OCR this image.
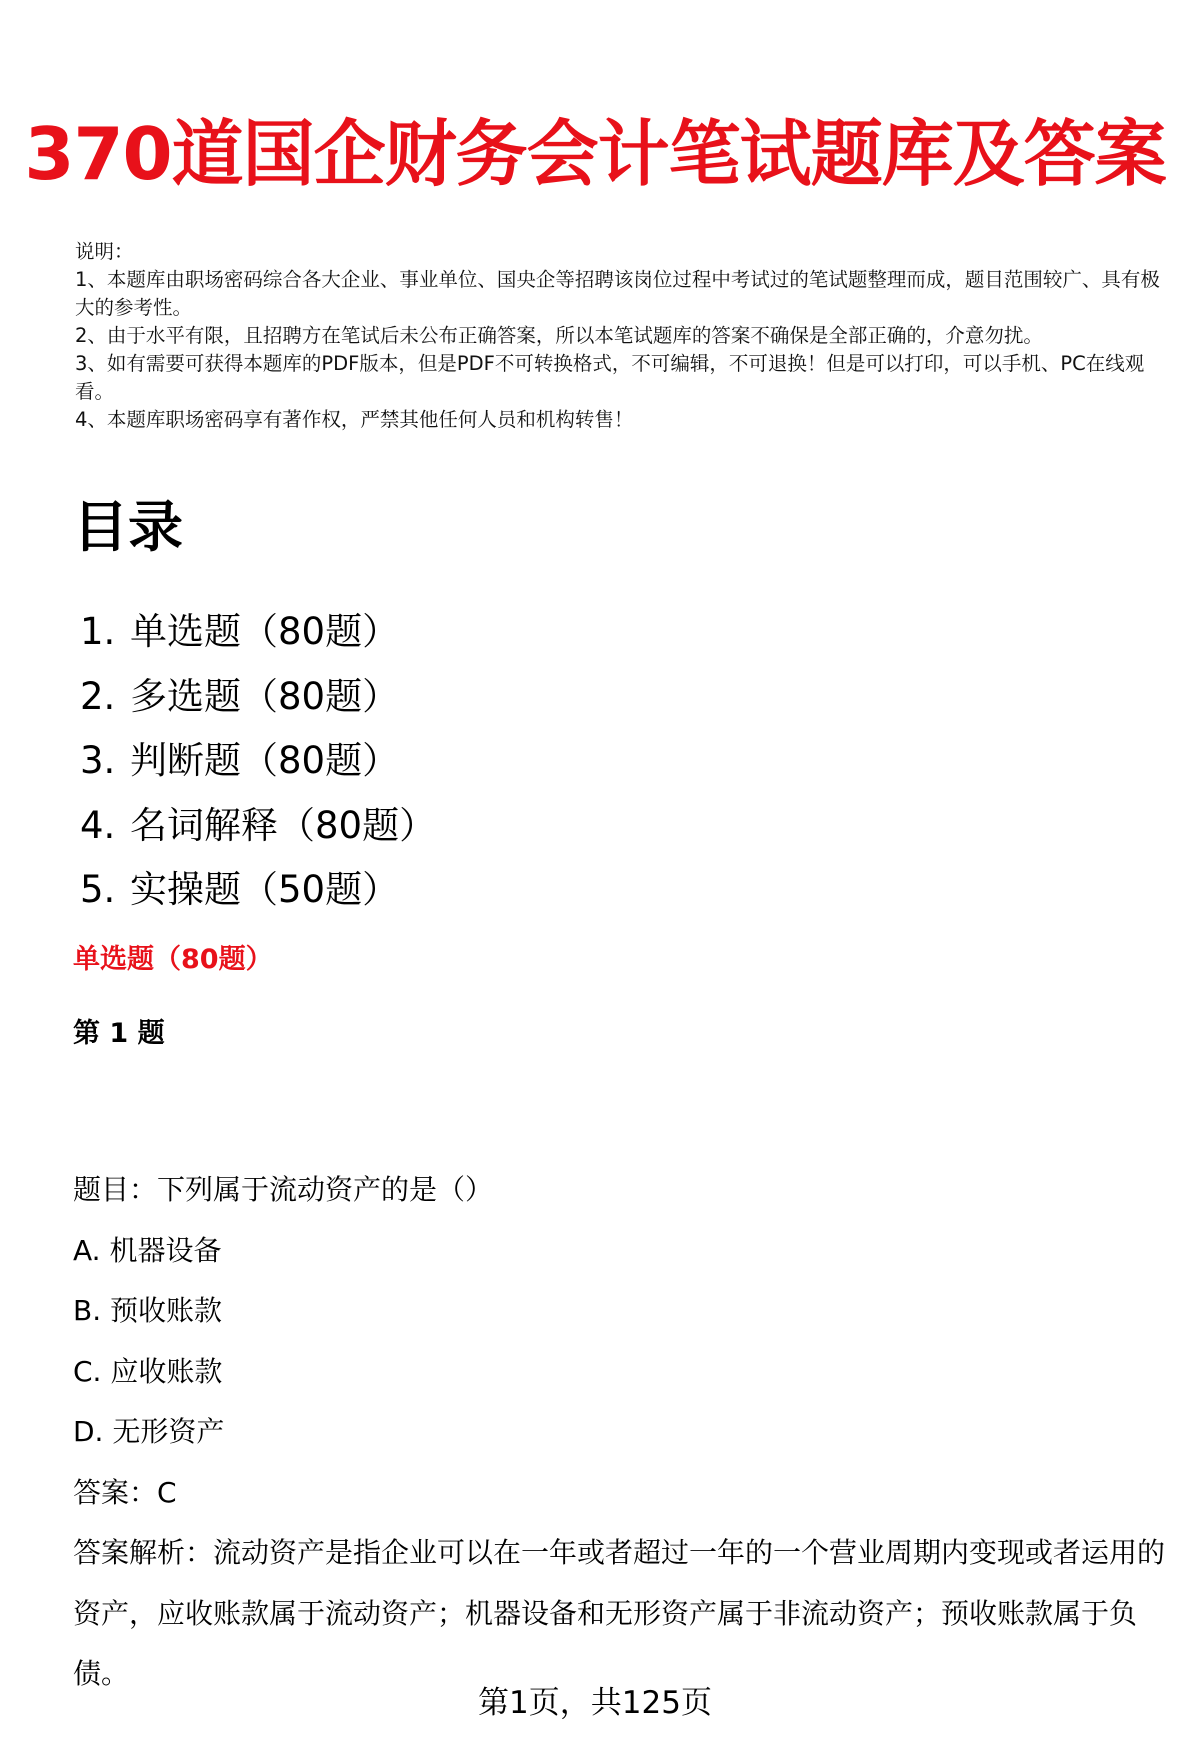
370道国企财务会计笔试题库及答案

说明：

1、本题库由职场密码综合各大企业、事业单位、国央企等招聘该岗位过程中考试过的笔试题整理而成，题目范围较广、具有极大的参考性。

2、由于水平有限，且招聘方在笔试后未公布正确答案，所以本笔试题库的答案不确保是全部正确的，介意勿扰。

3、如有需要可获得本题库的PDF版本，但是PDF不可转换格式，不可编辑，不可退换！但是可以打印，可以手机、PC在线观看。

4、本题库职场密码享有著作权，严禁其他任何人员和机构转售！

目录
1. 单选题（80题）
2. 多选题（80题）
3. 判断题（80题）
4. 名词解释（80题）
5. 实操题（50题）
单选题（80题）
第 1 题

题目：下列属于流动资产的是（）

A. 机器设备

B. 预收账款

C. 应收账款

D. 无形资产

答案：C

答案解析：流动资产是指企业可以在一年或者超过一年的一个营业周期内变现或者运用的资产，应收账款属于流动资产；机器设备和无形资产属于非流动资产；预收账款属于负债。

第1页，共125页
